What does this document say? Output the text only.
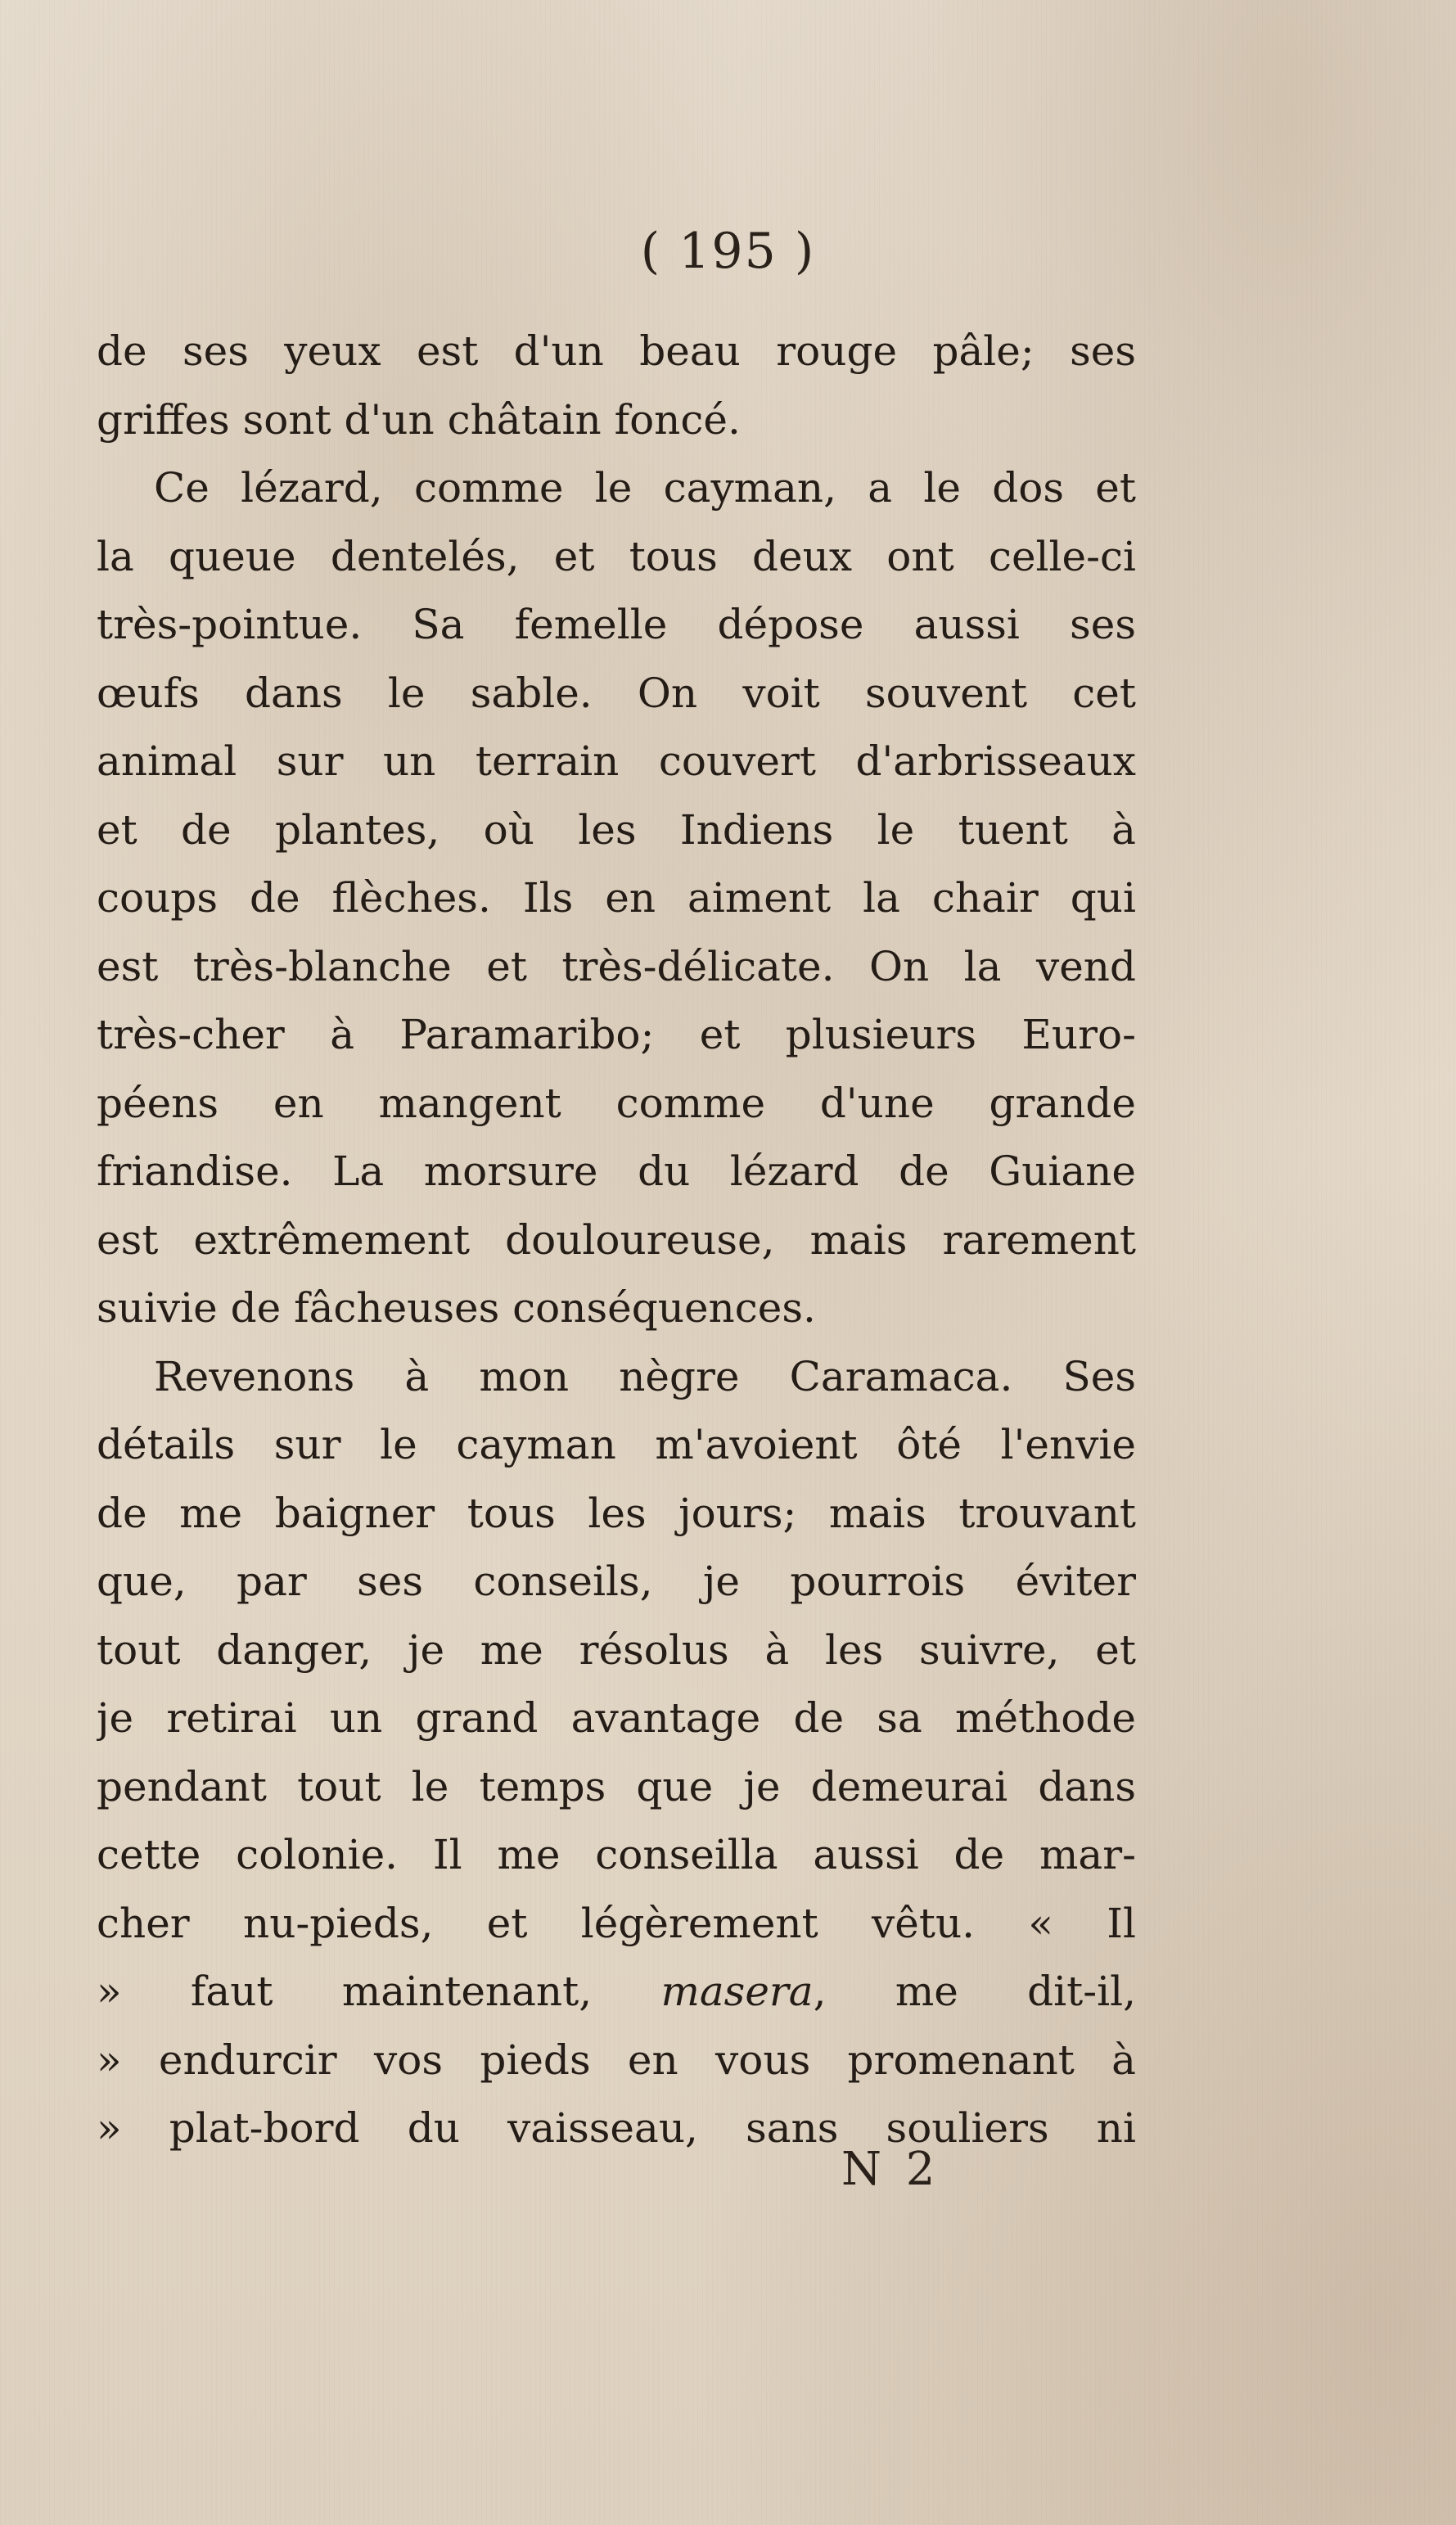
( 195 )
de ses yeux est d'un beau rouge pâle; ses
griffes sont d'un châtain foncé.
Ce lézard, comme le cayman, a le dos et
la queue dentelés, et tous deux ont celle-ci
très-pointue. Sa femelle dépose aussi ses
œufs dans le sable. On voit souvent cet
animal sur un terrain couvert d'arbrisseaux
et de plantes, où les Indiens le tuent à
coups de flèches. Ils en aiment la chair qui
est très-blanche et très-délicate. On la vend
très-cher à Paramaribo; et plusieurs Euro-
péens en mangent comme d'une grande
friandise. La morsure du lézard de Guiane
est extrêmement douloureuse, mais rarement
suivie de fâcheuses conséquences.
Revenons à mon nègre Caramaca. Ses
détails sur le cayman m'avoient ôté l'envie
de me baigner tous les jours; mais trouvant
que, par ses conseils, je pourrois éviter
tout danger, je me résolus à les suivre, et
je retirai un grand avantage de sa méthode
pendant tout le temps que je demeurai dans
cette colonie. Il me conseilla aussi de mar-
cher nu-pieds, et légèrement vêtu. « Il
» faut maintenant, masera, me dit-il,
» endurcir vos pieds en vous promenant à
» plat-bord du vaisseau, sans souliers ni
N 2
